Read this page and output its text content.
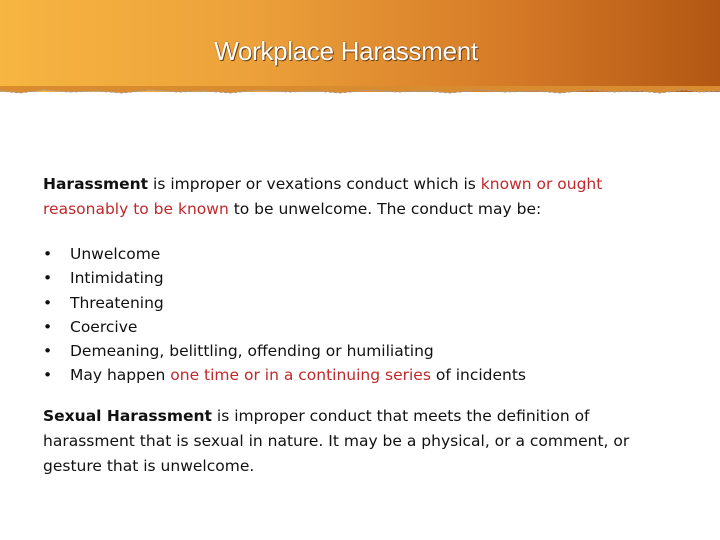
Workplace Harassment

Harassment is improper or vexations conduct which is known or ought reasonably to be known to be unwelcome. The conduct may be:

• Unwelcome
• Intimidating
• Threatening
• Coercive
• Demeaning, belittling, offending or humiliating
• May happen one time or in a continuing series of incidents

Sexual Harassment is improper conduct that meets the definition of harassment that is sexual in nature. It may be a physical, or a comment, or gesture that is unwelcome.
